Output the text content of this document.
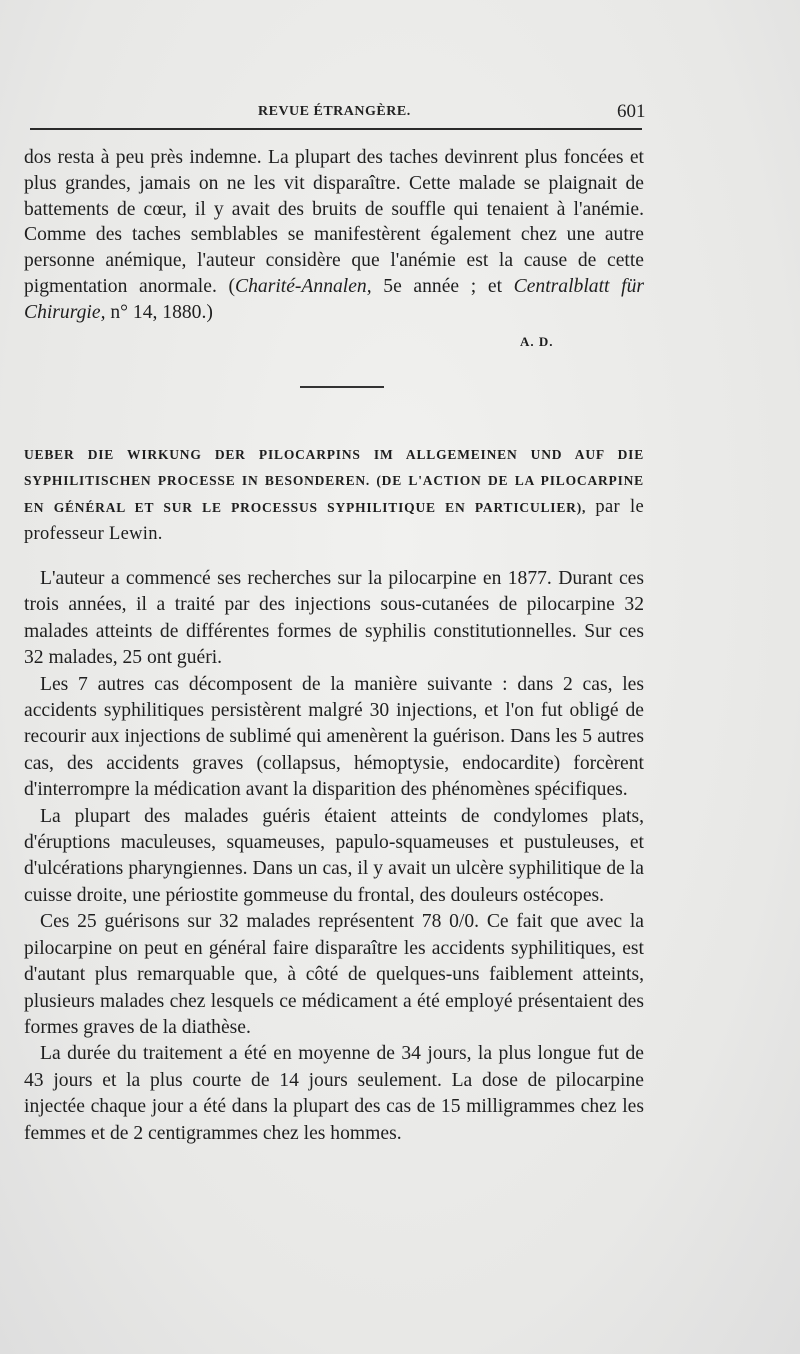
REVUE ÉTRANGÈRE.	601

dos resta à peu près indemne. La plupart des taches devinrent plus foncées et plus grandes, jamais on ne les vit disparaître. Cette malade se plaignait de battements de cœur, il y avait des bruits de souffle qui tenaient à l'anémie. Comme des taches semblables se manifestèrent également chez une autre personne anémique, l'auteur considère que l'anémie est la cause de cette pigmentation anormale. (Charité-Annalen, 5e année ; et Centralblatt für Chirurgie, n° 14, 1880.)

A. D.
UEBER DIE WIRKUNG DER PILOCARPINS IM ALLGEMEINEN UND AUF DIE SYPHILITISCHEN PROCESSE IN BESONDEREN. (DE L'ACTION DE LA PILOCARPINE EN GÉNÉRAL ET SUR LE PROCESSUS SYPHILITIQUE EN PARTICULIER), par le professeur Lewin.

L'auteur a commencé ses recherches sur la pilocarpine en 1877. Durant ces trois années, il a traité par des injections sous-cutanées de pilocarpine 32 malades atteints de différentes formes de syphilis constitutionnelles. Sur ces 32 malades, 25 ont guéri.

Les 7 autres cas décomposent de la manière suivante : dans 2 cas, les accidents syphilitiques persistèrent malgré 30 injections, et l'on fut obligé de recourir aux injections de sublimé qui amenèrent la guérison. Dans les 5 autres cas, des accidents graves (collapsus, hémoptysie, endocardite) forcèrent d'interrompre la médication avant la disparition des phénomènes spécifiques.

La plupart des malades guéris étaient atteints de condylomes plats, d'éruptions maculeuses, squameuses, papulo-squameuses et pustuleuses, et d'ulcérations pharyngiennes. Dans un cas, il y avait un ulcère syphilitique de la cuisse droite, une périostite gommeuse du frontal, des douleurs ostécopes.

Ces 25 guérisons sur 32 malades représentent 78 0/0. Ce fait que avec la pilocarpine on peut en général faire disparaître les accidents syphilitiques, est d'autant plus remarquable que, à côté de quelques-uns faiblement atteints, plusieurs malades chez lesquels ce médicament a été employé présentaient des formes graves de la diathèse.

La durée du traitement a été en moyenne de 34 jours, la plus longue fut de 43 jours et la plus courte de 14 jours seulement. La dose de pilocarpine injectée chaque jour a été dans la plupart des cas de 15 milligrammes chez les femmes et de 2 centigrammes chez les hommes.
